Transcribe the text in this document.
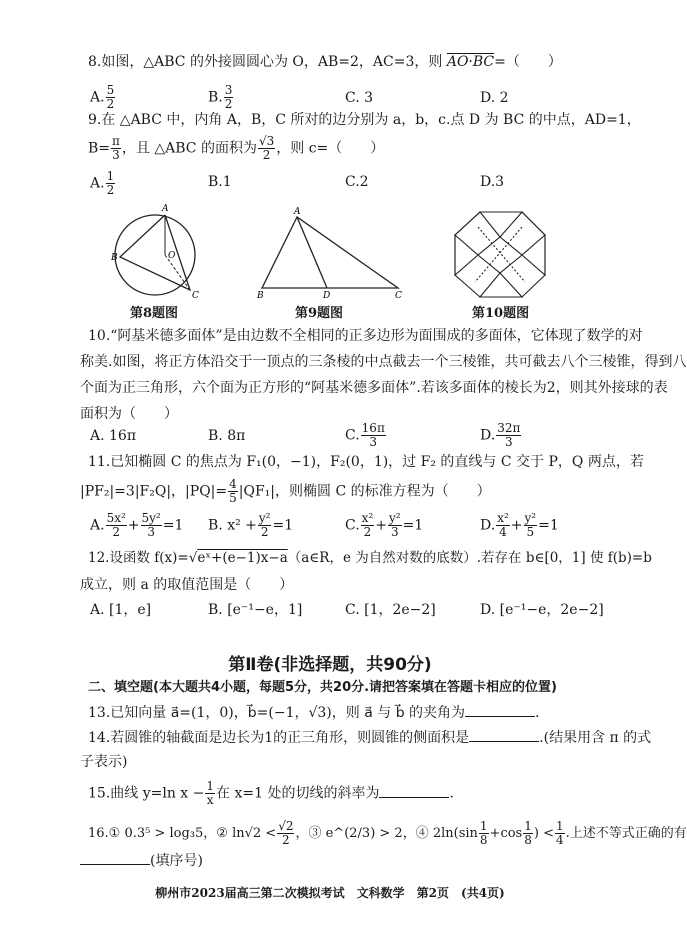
8.如图，△ABC 的外接圆圆心为 O，AB=2，AC=3，则 AO·BC=（　　）
A. $\frac{5}{2}$	B. $\frac{3}{2}$	C. 3	D. 2
9.在 △ABC 中，内角 A，B，C 所对的边分别为 a，b，c.点 D 为 BC 的中点，AD=1，
$B= \frac{\pi}{3}$ ，且 △ABC 的面积为 $\frac{√3}{2}$ ，则 c=（　　）
A. $\frac{1}{2}$	B.1	C.2	D.3
A
B
C
O
A
B	D	C
第8题图	第9题图	第10题图
10.“阿基米德多面体”是由边数不全相同的正多边形为面围成的多面体，它体现了数学的对
称美.如图，将正方体沿交于一顶点的三条棱的中点截去一个三棱锥，共可截去八个三棱锥，得到八
个面为正三角形，六个面为正方形的“阿基米德多面体”.若该多面体的棱长为2，则其外接球的表
面积为（　　）
A. 16π	B. 8π	C. $\frac{16\pi}{3}$	D. $\frac{32\pi}{3}$
11.已知椭圆 C 的焦点为 F₁(0，−1)，F₂(0，1)，过 F₂ 的直线与 C 交于 P，Q 两点，若
|PF₂|=3|F₂Q|，$|PQ|= \frac{4}{5} |QF_1|$，则椭圆 C 的标准方程为（　　）
A. $\frac{\text{5x²}}{2} + \frac{\text{5y²}}{3} =1$ B. $x^2 + \frac{\text{y²}}{2} =1$	C. $\frac{\text{x²}}{2} + \frac{\text{y²}}{3} =1$	D. $\frac{\text{x²}}{4} + \frac{\text{y²}}{5} =1$
12.设函数 f(x)=√eˣ+(e−1)x−a（a∈R，e 为自然对数的底数）.若存在 b∈[0，1] 使 f(b)=b
成立，则 a 的取值范围是（　　）
A. [1，e]	B. [e⁻¹−e，1]	C. [1，2e−2]	D. [e⁻¹−e，2e−2]
第Ⅱ卷(非选择题，共90分)
二、填空题(本大题共4小题，每题5分，共20分.请把答案填在答题卡相应的位置)
13.已知向量 a⃗=(1，0)，b⃗=(−1，√3)，则 a⃗ 与 b⃗ 的夹角为	.
14.若圆锥的轴截面是边长为1的正三角形，则圆锥的侧面积是	.(结果用含 π 的式
子表示)
15.曲线 y=ln $x - \frac{1}{x}$ 在 x=1 处的切线的斜率为	.
16.① 0.3⁵ > log₃5，② $\ln√2 < \frac{√2}{2}$ ，③ e^(2/3) > 2，④ $2\ln(\sin \frac{1}{8} +\cos \frac{1}{8}$ ) < $\frac{1}{4}$ .上述不等式正确的有
(填序号)
柳州市2023届高三第二次模拟考试　文科数学　第2页　(共4页)
